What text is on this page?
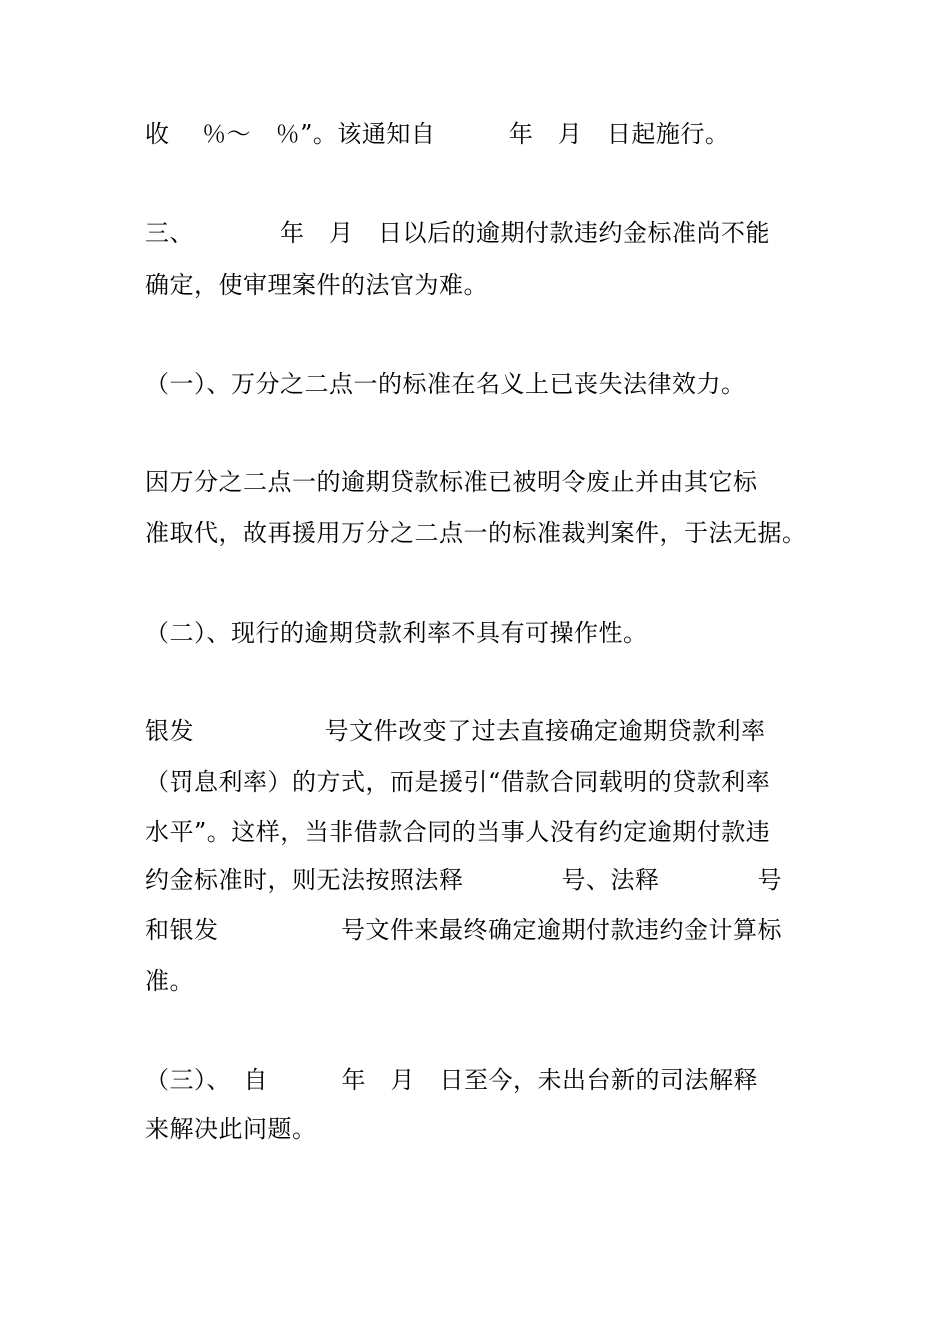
收　 ％～　％”。该通知自　　　年　月　日起施行。
三、　　　　年　月　日以后的逾期付款违约金标准尚不能
确定，使审理案件的法官为难。
（一）、万分之二点一的标准在名义上已丧失法律效力。
因万分之二点一的逾期贷款标准已被明令废止并由其它标
准取代，故再援用万分之二点一的标准裁判案件，于法无据。
（二）、现行的逾期贷款利率不具有可操作性。
银发　　　　　 号文件改变了过去直接确定逾期贷款利率
（罚息利率）的方式，而是援引“借款合同载明的贷款利率
水平”。这样，当非借款合同的当事人没有约定逾期付款违
约金标准时，则无法按照法释　　　　号、法释　　　　号
和银发　　　　　号文件来最终确定逾期付款违约金计算标
准。
（三）、　自　　　年　月　日至今，未出台新的司法解释
来解决此问题。
